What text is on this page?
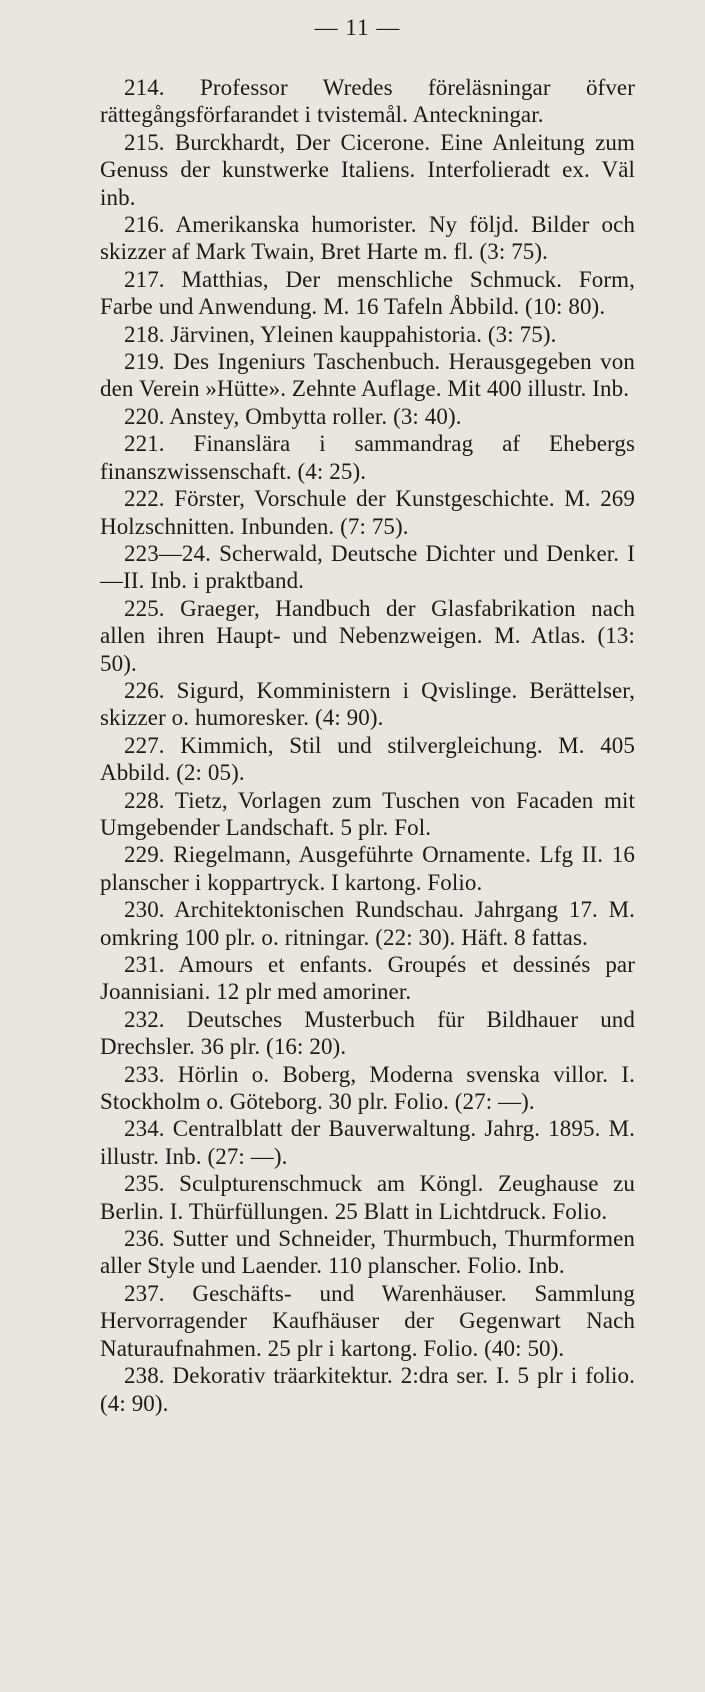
— 11 —

214. Professor Wredes föreläsningar öfver rättegångsförfarandet i tvistemål. Anteckningar.

215. Burckhardt, Der Cicerone. Eine Anleitung zum Genuss der kunstwerke Italiens. Interfolieradt ex. Väl inb.

216. Amerikanska humorister. Ny följd. Bilder och skizzer af Mark Twain, Bret Harte m. fl. (3: 75).

217. Matthias, Der menschliche Schmuck. Form, Farbe und Anwendung. M. 16 Tafeln Åbbild. (10: 80).

218. Järvinen, Yleinen kauppahistoria. (3: 75).

219. Des Ingeniurs Taschenbuch. Herausgegeben von den Verein »Hütte». Zehnte Auflage. Mit 400 illustr. Inb.

220. Anstey, Ombytta roller. (3: 40).

221. Finanslära i sammandrag af Ehebergs finanszwissenschaft. (4: 25).

222. Förster, Vorschule der Kunstgeschichte. M. 269 Holzschnitten. Inbunden. (7: 75).

223—24. Scherwald, Deutsche Dichter und Denker. I—II. Inb. i praktband.

225. Graeger, Handbuch der Glasfabrikation nach allen ihren Haupt- und Nebenzweigen. M. Atlas. (13: 50).

226. Sigurd, Komministern i Qvislinge. Berättelser, skizzer o. humoresker. (4: 90).

227. Kimmich, Stil und stilvergleichung. M. 405 Abbild. (2: 05).

228. Tietz, Vorlagen zum Tuschen von Facaden mit Umgebender Landschaft. 5 plr. Fol.

229. Riegelmann, Ausgeführte Ornamente. Lfg II. 16 planscher i koppartryck. I kartong. Folio.

230. Architektonischen Rundschau. Jahrgang 17. M. omkring 100 plr. o. ritningar. (22: 30). Häft. 8 fattas.

231. Amours et enfants. Groupés et dessinés par Joannisiani. 12 plr med amoriner.

232. Deutsches Musterbuch für Bildhauer und Drechsler. 36 plr. (16: 20).

233. Hörlin o. Boberg, Moderna svenska villor. I. Stockholm o. Göteborg. 30 plr. Folio. (27: —).

234. Centralblatt der Bauverwaltung. Jahrg. 1895. M. illustr. Inb. (27: —).

235. Sculpturenschmuck am Köngl. Zeughause zu Berlin. I. Thürfüllungen. 25 Blatt in Lichtdruck. Folio.

236. Sutter und Schneider, Thurmbuch, Thurmformen aller Style und Laender. 110 planscher. Folio. Inb.

237. Geschäfts- und Warenhäuser. Sammlung Hervorragender Kaufhäuser der Gegenwart Nach Naturaufnahmen. 25 plr i kartong. Folio. (40: 50).

238. Dekorativ träarkitektur. 2:dra ser. I. 5 plr i folio. (4: 90).
